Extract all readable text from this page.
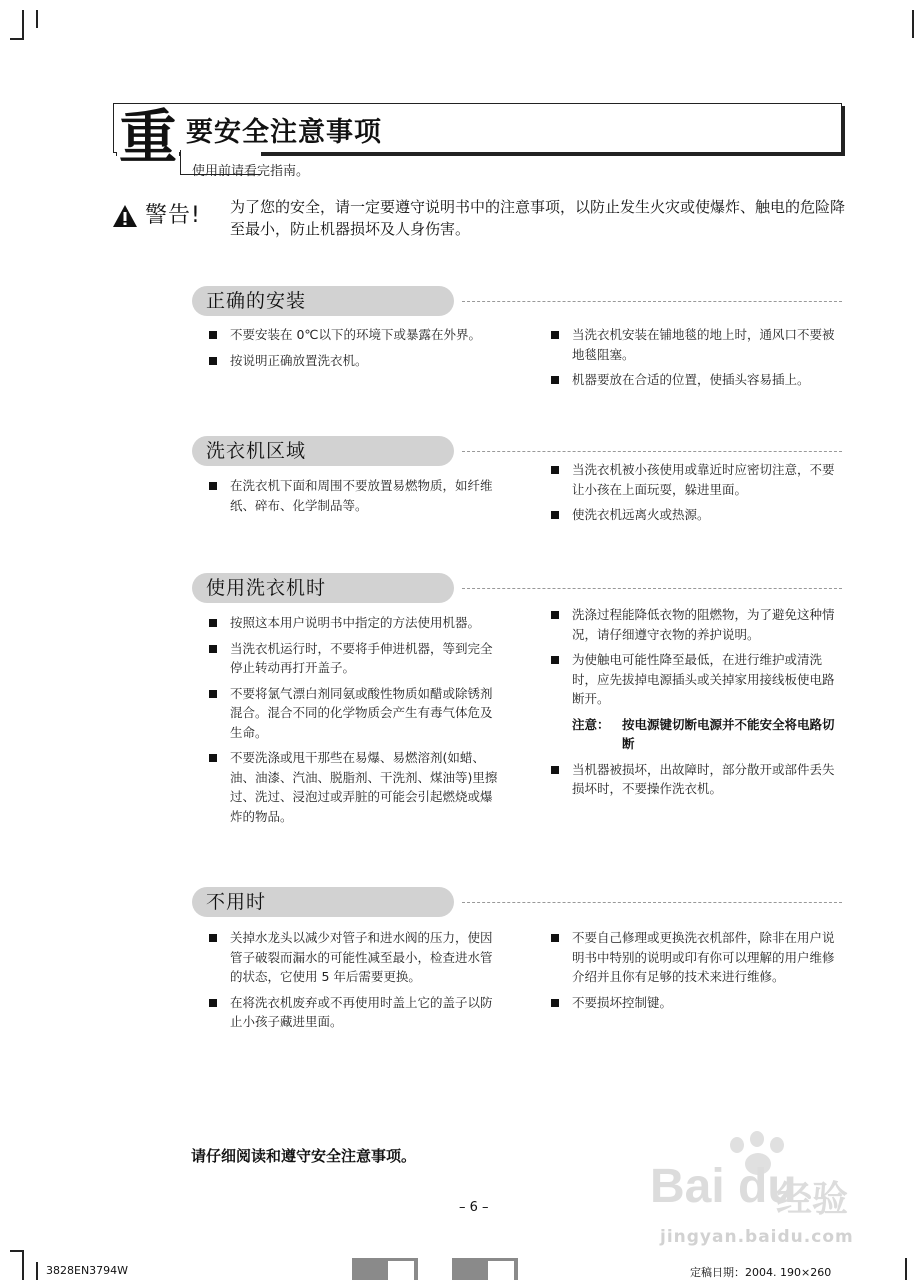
重 要安全注意事项
使用前请看完指南。
警告! 为了您的安全，请一定要遵守说明书中的注意事项，以防止发生火灾或使爆炸、触电的危险降至最小，防止机器损坏及人身伤害。
正确的安装
不要安装在 0℃以下的环境下或暴露在外界。
按说明正确放置洗衣机。
当洗衣机安装在铺地毯的地上时，通风口不要被地毯阻塞。
机器要放在合适的位置，使插头容易插上。
洗衣机区域
在洗衣机下面和周围不要放置易燃物质，如纤维纸、碎布、化学制品等。
当洗衣机被小孩使用或靠近时应密切注意，不要让小孩在上面玩耍，躲进里面。
使洗衣机远离火或热源。
使用洗衣机时
按照这本用户说明书中指定的方法使用机器。
当洗衣机运行时，不要将手伸进机器，等到完全停止转动再打开盖子。
不要将氯气漂白剂同氨或酸性物质如醋或除锈剂混合。混合不同的化学物质会产生有毒气体危及生命。
不要洗涤或甩干那些在易爆、易燃溶剂(如蜡、油、油漆、汽油、脱脂剂、干洗剂、煤油等)里擦过、洗过、浸泡过或弄脏的可能会引起燃烧或爆炸的物品。
洗涤过程能降低衣物的阻燃物，为了避免这种情况，请仔细遵守衣物的养护说明。
为使触电可能性降至最低，在进行维护或清洗时，应先拔掉电源插头或关掉家用接线板使电路断开。
注意： 按电源键切断电源并不能安全将电路切断
当机器被损坏，出故障时，部分散开或部件丢失损坏时，不要操作洗衣机。
不用时
关掉水龙头以减少对管子和进水阀的压力，使因管子破裂而漏水的可能性减至最小，检查进水管的状态，它使用 5 年后需要更换。
在将洗衣机废弃或不再使用时盖上它的盖子以防止小孩子藏进里面。
不要自己修理或更换洗衣机部件，除非在用户说明书中特别的说明或印有你可以理解的用户维修介绍并且你有足够的技术来进行维修。
不要损坏控制键。
请仔细阅读和遵守安全注意事项。
– 6 –
3828EN3794W	定稿日期：2004. 190×260
Bai du
经验
jingyan.baidu.com
